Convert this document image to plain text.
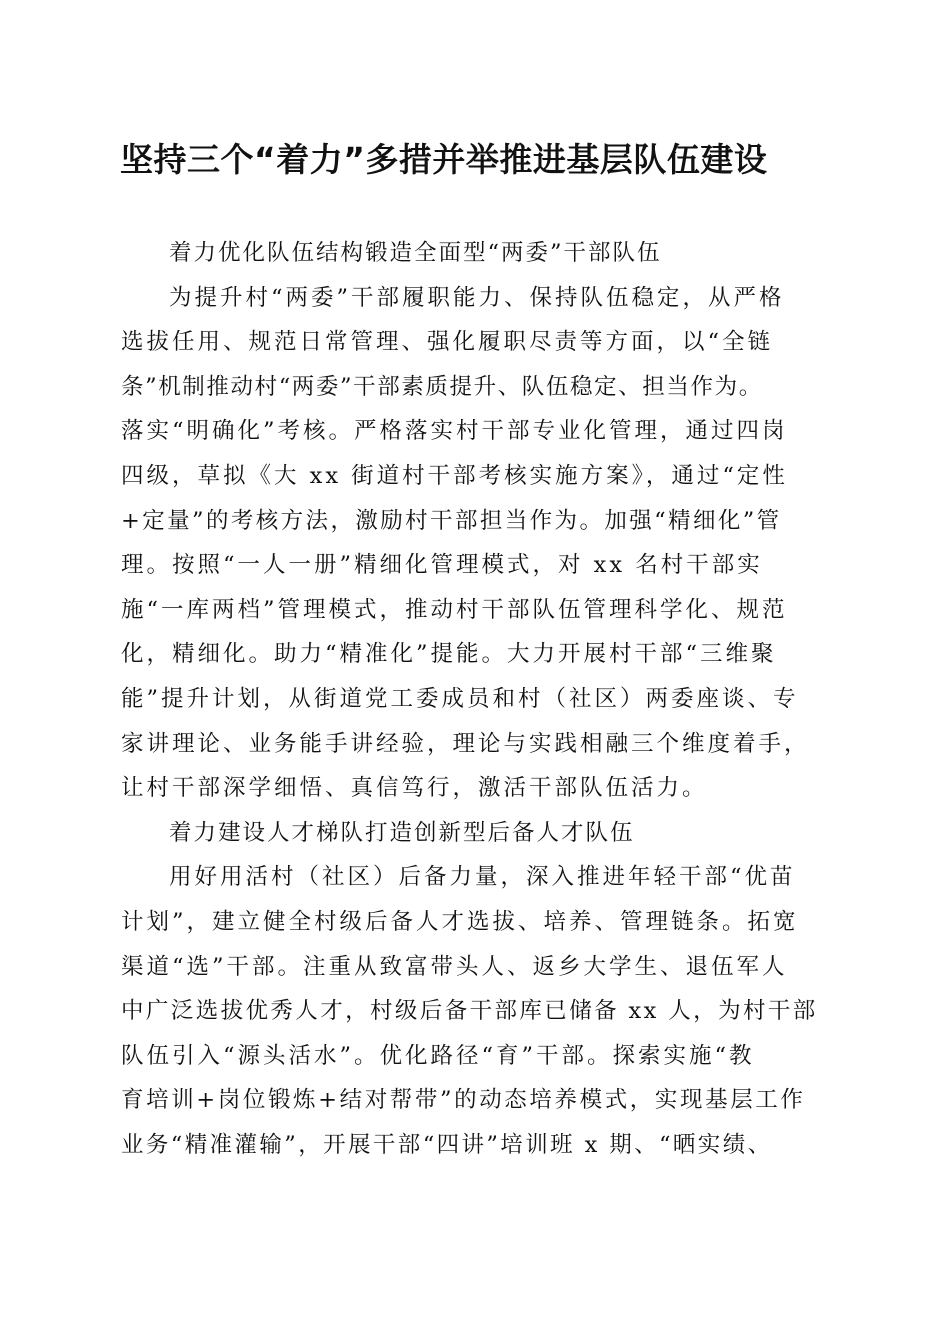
坚持三个“着力”多措并举推进基层队伍建设
着力优化队伍结构锻造全面型“两委”干部队伍
为提升村“两委”干部履职能力、保持队伍稳定，从严格
选拔任用、规范日常管理、强化履职尽责等方面，以“全链
条”机制推动村“两委”干部素质提升、队伍稳定、担当作为。
落实“明确化”考核。严格落实村干部专业化管理，通过四岗
四级，草拟《大 xx 街道村干部考核实施方案》，通过“定性
+定量”的考核方法，激励村干部担当作为。加强“精细化”管
理。按照“一人一册”精细化管理模式，对 xx 名村干部实
施“一库两档”管理模式，推动村干部队伍管理科学化、规范
化，精细化。助力“精准化”提能。大力开展村干部“三维聚
能”提升计划，从街道党工委成员和村（社区）两委座谈、专
家讲理论、业务能手讲经验，理论与实践相融三个维度着手，
让村干部深学细悟、真信笃行，激活干部队伍活力。
着力建设人才梯队打造创新型后备人才队伍
用好用活村（社区）后备力量，深入推进年轻干部“优苗
计划”，建立健全村级后备人才选拔、培养、管理链条。拓宽
渠道“选”干部。注重从致富带头人、返乡大学生、退伍军人
中广泛选拔优秀人才，村级后备干部库已储备 xx 人，为村干部
队伍引入“源头活水”。优化路径“育”干部。探索实施“教
育培训+岗位锻炼+结对帮带”的动态培养模式，实现基层工作
业务“精准灌输”，开展干部“四讲”培训班 x 期、“晒实绩、
